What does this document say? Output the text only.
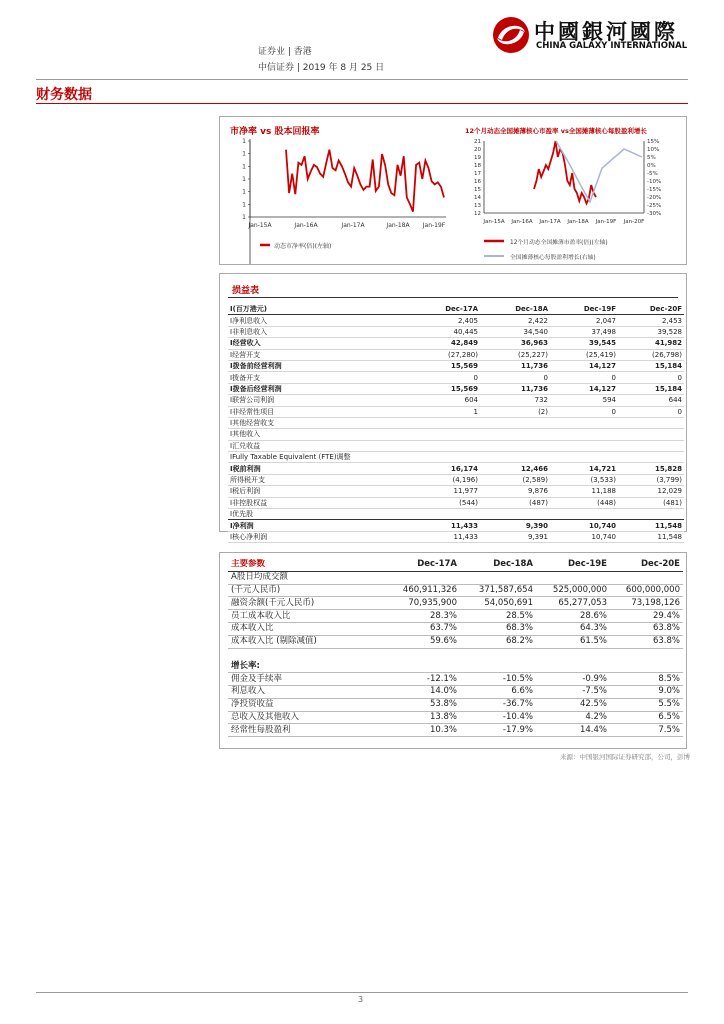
中國銀河國際
CHINA GALAXY INTERNATIONAL
证券业 | 香港
中信证券 | 2019 年 8 月 25 日
财务数据
市净率 vs 股本回报率
1
1
1
1
1
1
1
Jan-15A	Jan-16A	Jan-17A	Jan-18A Jan-19F
动态市净率(倍)(左轴)
12个月动态全国摊薄核心市盈率 vs全国摊薄核心每股盈利增长
21
20
19
18
17
16
15
14
13
12
15%
10%
5%
0%
-5%
-10%
-15%
-20%
-25%
-30%
Jan-15A Jan-16A Jan-17A Jan-18A Jan-19F Jan-20F
12个月动态全国摊薄市盈率(倍)(左轴)
全国摊薄核心每股盈利增长(右轴)
损益表
I(百万港元)	Dec-17A	Dec-18A	Dec-19F	Dec-20F
I净利息收入	2,405	2,422	2,047	2,453
I非利息收入	40,445	34,540	37,498	39,528
I经营收入	42,849	36,963	39,545	41,982
I经营开支	(27,280)	(25,227)	(25,419)	(26,798)
I拨备前经营利润	15,569	11,736	14,127	15,184
I拨备开支	0	0	0	0
I拨备后经营利润	15,569	11,736	14,127	15,184
I联营公司利润	604	732	594	644
I非经常性项目	1	(2)	0	0
I其他经营收支				
I其他收入				
I汇兑收益				
IFully Taxable Equivalent (FTE)调整				
I税前利润	16,174	12,466	14,721	15,828
所得税开支	(4,196)	(2,589)	(3,533)	(3,799)
I税后利润	11,977	9,876	11,188	12,029
I非控股权益	(544)	(487)	(448)	(481)
I优先股				
I净利润	11,433	9,390	10,740	11,548
I核心净利润	11,433	9,391	10,740	11,548
主要参数	Dec-17A	Dec-18A	Dec-19E	Dec-20E
A股日均成交额				
(千元人民币)	460,911,326	371,587,654	525,000,000	600,000,000
融资余额(千元人民币)	70,935,900	54,050,691	65,277,053	73,198,126
员工成本收入比	28.3%	28.5%	28.6%	29.4%
成本收入比	63.7%	68.3%	64.3%	63.8%
成本收入比 (剔除减值)	59.6%	68.2%	61.5%	63.8%

增长率:				
佣金及手续率	-12.1%	-10.5%	-0.9%	8.5%
利息收入	14.0%	6.6%	-7.5%	9.0%
净投资收益	53.8%	-36.7%	42.5%	5.5%
总收入及其他收入	13.8%	-10.4%	4.2%	6.5%
经常性每股盈利	10.3%	-17.9%	14.4%	7.5%
来源：中国银河国际证券研究部，公司，彭博
3
